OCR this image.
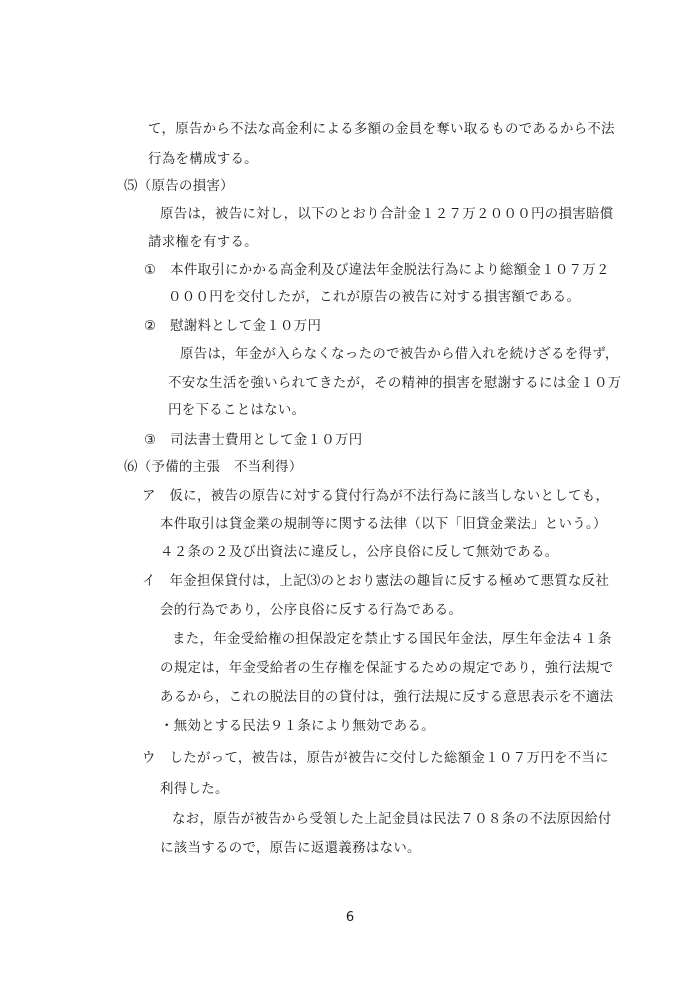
て，原告から不法な高金利による多額の金員を奪い取るものであるから不法
行為を構成する。
⑸（原告の損害）
原告は，被告に対し，以下のとおり合計金１２７万２０００円の損害賠償
請求権を有する。
①　本件取引にかかる高金利及び違法年金脱法行為により総額金１０７万２
０００円を交付したが，これが原告の被告に対する損害額である。
②　慰謝料として金１０万円
原告は，年金が入らなくなったので被告から借入れを続けざるを得ず，
不安な生活を強いられてきたが，その精神的損害を慰謝するには金１０万
円を下ることはない。
③　司法書士費用として金１０万円
⑹（予備的主張　不当利得）
ア　仮に，被告の原告に対する貸付行為が不法行為に該当しないとしても，
本件取引は貸金業の規制等に関する法律（以下「旧貸金業法」という。）
４２条の２及び出資法に違反し，公序良俗に反して無効である。
イ　年金担保貸付は，上記⑶のとおり憲法の趣旨に反する極めて悪質な反社
会的行為であり，公序良俗に反する行為である。
また，年金受給権の担保設定を禁止する国民年金法，厚生年金法４１条
の規定は，年金受給者の生存権を保証するための規定であり，強行法規で
あるから，これの脱法目的の貸付は，強行法規に反する意思表示を不適法
・無効とする民法９１条により無効である。
ウ　したがって，被告は，原告が被告に交付した総額金１０７万円を不当に
利得した。
なお，原告が被告から受領した上記金員は民法７０８条の不法原因給付
に該当するので，原告に返還義務はない。
6
